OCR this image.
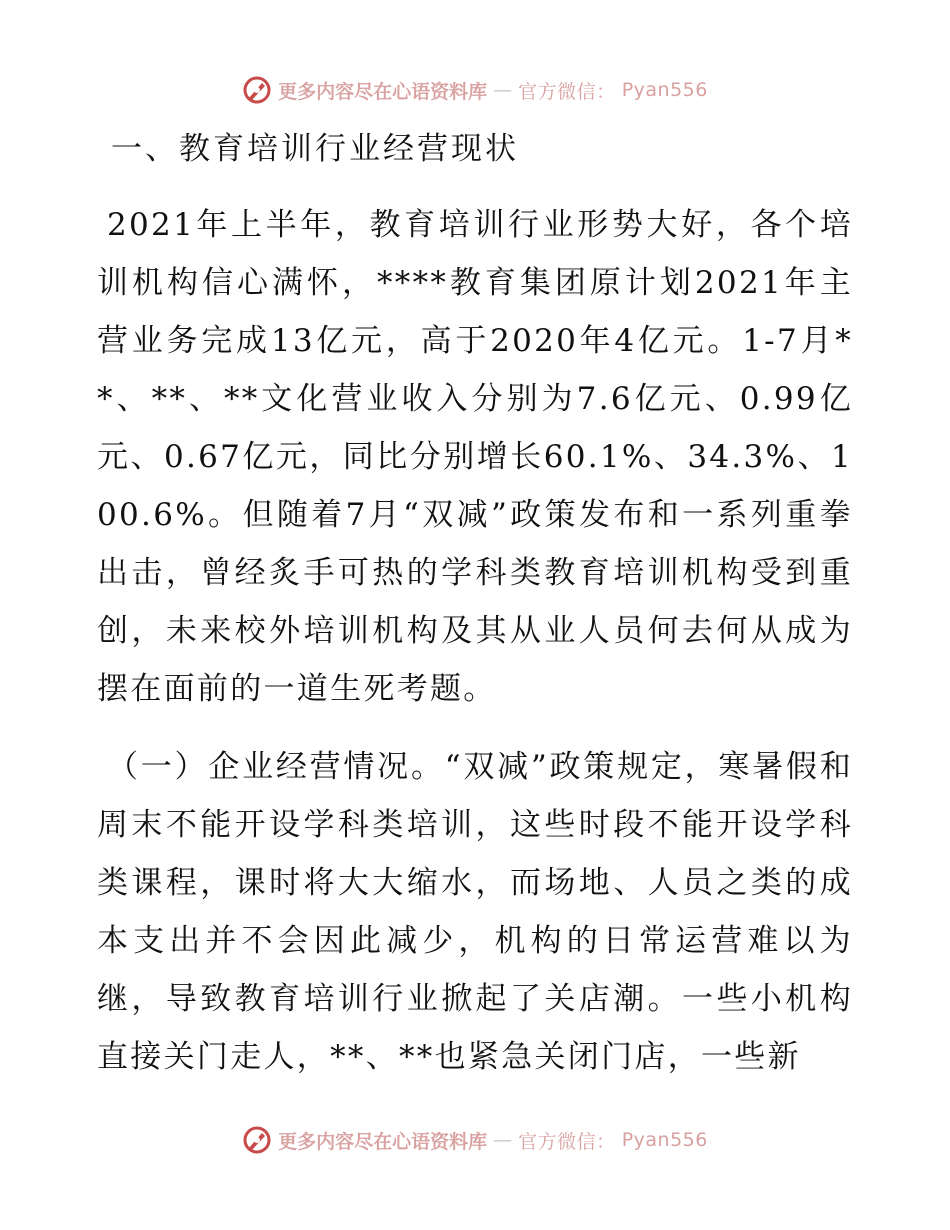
更多内容尽在心语资料库 — 官方微信： Pyan556
一、教育培训行业经营现状

2021年上半年，教育培训行业形势大好，各个培训机构信心满怀，****教育集团原计划2021年主营业务完成13亿元，高于2020年4亿元。1-7月**、**、**文化营业收入分别为7.6亿元、0.99亿元、0.67亿元，同比分别增长60.1%、34.3%、100.6%。但随着7月“双减”政策发布和一系列重拳出击，曾经炙手可热的学科类教育培训机构受到重创，未来校外培训机构及其从业人员何去何从成为摆在面前的一道生死考题。

（一）企业经营情况。“双减”政策规定，寒暑假和周末不能开设学科类培训，这些时段不能开设学科类课程，课时将大大缩水，而场地、人员之类的成本支出并不会因此减少，机构的日常运营难以为继，导致教育培训行业掀起了关店潮。一些小机构直接关门走人，**、**也紧急关闭门店，一些新

更多内容尽在心语资料库 — 官方微信： Pyan556
